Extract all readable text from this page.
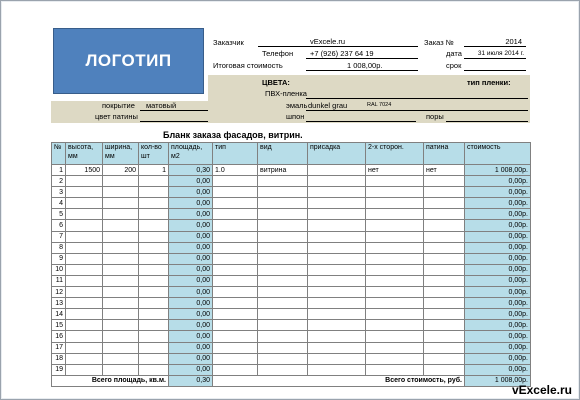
ЛОГОТИП
Заказчик	vExcele.ru
Телефон +7 (926) 237 64 19
Итоговая стоимость	1 008,00р.
Заказ №	2014
дата	31 июля 2014 г.
срок
ЦВЕТА:	тип пленки:
ПВХ-пленка
покрытие матовый	эмаль dunkel grau	RAL 7024
цвет патины	шпон	поры
Бланк заказа фасадов, витрин.
№	высота, мм	ширина, мм	кол-во шт	площадь, м2	тип	вид	присадка	2-х сторон.	патина	стоимость
1	1500	200	1	0,30	1.0	витрина		нет	нет	1 008,00р.
2				0,00						0,00р.
3				0,00						0,00р.
4				0,00						0,00р.
5				0,00						0,00р.
6				0,00						0,00р.
7				0,00						0,00р.
8				0,00						0,00р.
9				0,00						0,00р.
10				0,00						0,00р.
11				0,00						0,00р.
12				0,00						0,00р.
13				0,00						0,00р.
14				0,00						0,00р.
15				0,00						0,00р.
16				0,00						0,00р.
17				0,00						0,00р.
18				0,00						0,00р.
19				0,00						0,00р.
Всего площадь, кв.м.				0,30	Всего стоимость, руб.					1 008,00р.
vExcele.ru
